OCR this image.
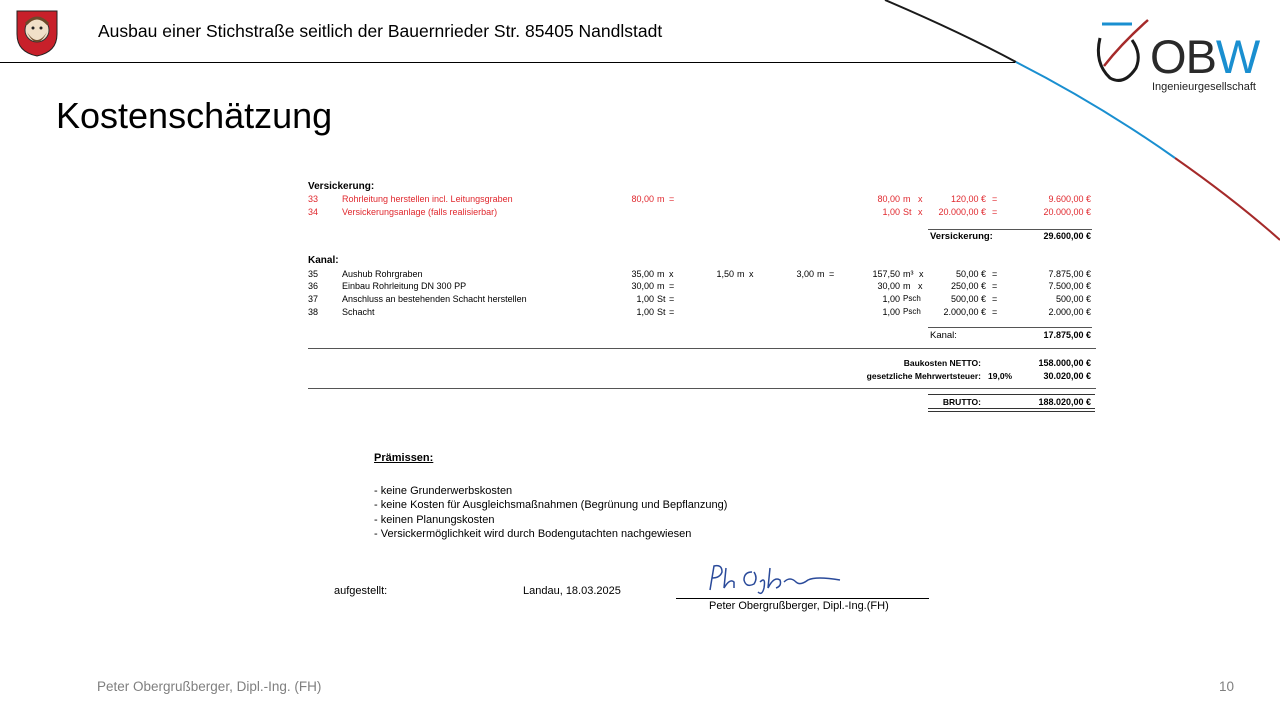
Ausbau einer Stichstraße seitlich der Bauernrieder Str. 85405 Nandlstadt	OBW
Ingenieurgesellschaft
Kostenschätzung
Versickerung:
33	Rohrleitung herstellen incl. Leitungsgraben	80,00 m =	80,00 m x	120,00 € =	9.600,00 €
34	Versickerungsanlage (falls realisierbar)	1,00 St x	20.000,00 € =	20.000,00 €
Versickerung:	29.600,00 €
Kanal:
35	Aushub Rohrgraben	35,00 m x	1,50 m x	3,00 m =	157,50 m³ x	50,00 € =	7.875,00 €
36	Einbau Rohrleitung DN 300 PP	30,00 m =	30,00 m x	250,00 € =	7.500,00 €
37	Anschluss an bestehenden Schacht herstellen	1,00 St =	1,00 Psch	500,00 € =	500,00 €
38	Schacht	1,00 St =	1,00 Psch	2.000,00 € =	2.000,00 €
Kanal:	17.875,00 €
Baukosten NETTO:	158.000,00 €
gesetzliche Mehrwertsteuer: 19,0%	30.020,00 €
BRUTTO:	188.020,00 €
Prämissen:
- keine Grunderwerbskosten
- keine Kosten für Ausgleichsmaßnahmen (Begrünung und Bepflanzung)
- keinen Planungskosten
- Versickermöglichkeit wird durch Bodengutachten nachgewiesen
aufgestellt:	Landau, 18.03.2025
Peter Obergrußberger, Dipl.-Ing.(FH)
Peter Obergrußberger, Dipl.-Ing. (FH)	10
